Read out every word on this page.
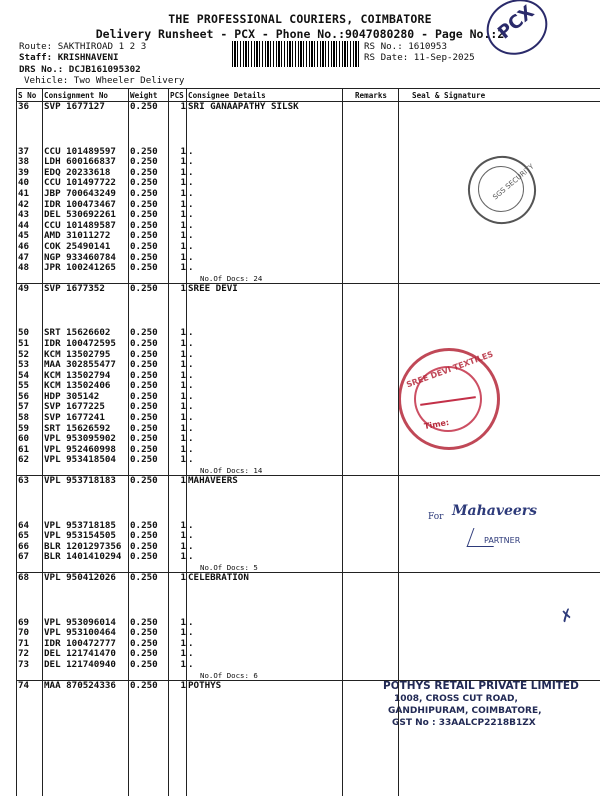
THE PROFESSIONAL COURIERS, COIMBATORE
Delivery Runsheet - PCX - Phone No.:9047080280 - Page No.:2
Route: SAKTHIROAD 1 2 3
Staff: KRISHNAVENI
DRS No.: DCJB161095302
Vehicle: Two Wheeler Delivery
RS No.: 1610953
RS Date: 11-Sep-2025
PCX
S No	Consignment No	Weight	PCS	Consignee Details	Remarks	Seal & Signature
36	SVP 1677127	0.250	1	SRI GANAAPATHY SILSK		

37	CCU 101489597	0.250	1	.		
38	LDH 600166837	0.250	1	.		
39	EDQ 20233618	0.250	1	.		
40	CCU 101497722	0.250	1	.		
41	JBP 700643249	0.250	1	.		
42	IDR 100473467	0.250	1	.		
43	DEL 530692261	0.250	1	.		
44	CCU 101489587	0.250	1	.		
45	AMD 31011272	0.250	1	.		
46	COK 25490141	0.250	1	.		
47	NGP 933460784	0.250	1	.		
48	JPR 100241265	0.250	1	.		
				No.Of Docs: 24		
49	SVP 1677352	0.250	1	SREE DEVI		

50	SRT 15626602	0.250	1	.		
51	IDR 100472595	0.250	1	.		
52	KCM 13502795	0.250	1	.		
53	MAA 302855477	0.250	1	.		
54	KCM 13502794	0.250	1	.		
55	KCM 13502406	0.250	1	.		
56	HDP 305142	0.250	1	.		
57	SVP 1677225	0.250	1	.		
58	SVP 1677241	0.250	1	.		
59	SRT 15626592	0.250	1	.		
60	VPL 953095902	0.250	1	.		
61	VPL 952460998	0.250	1	.		
62	VPL 953418504	0.250	1	.		
				No.Of Docs: 14		
63	VPL 953718183	0.250	1	MAHAVEERS		

64	VPL 953718185	0.250	1	.		
65	VPL 953154505	0.250	1	.		
66	BLR 1201297356	0.250	1	.		
67	BLR 1401410294	0.250	1	.		
				No.Of Docs: 5		
68	VPL 950412026	0.250	1	CELEBRATION		

69	VPL 953096014	0.250	1	.		
70	VPL 953100464	0.250	1	.		
71	IDR 100472777	0.250	1	.		
72	DEL 121741470	0.250	1	.		
73	DEL 121740940	0.250	1	.		
				No.Of Docs: 6		
74	MAA 870524336	0.250	1	POTHYS		
SGS SECURITY
SREE DEVI TEXTILES
Time:
For Mahaveers
PARTNER
✗
POTHYS RETAIL PRIVATE LIMITED
1008, CROSS CUT ROAD,
GANDHIPURAM, COIMBATORE,
GST No : 33AALCP2218B1ZX
